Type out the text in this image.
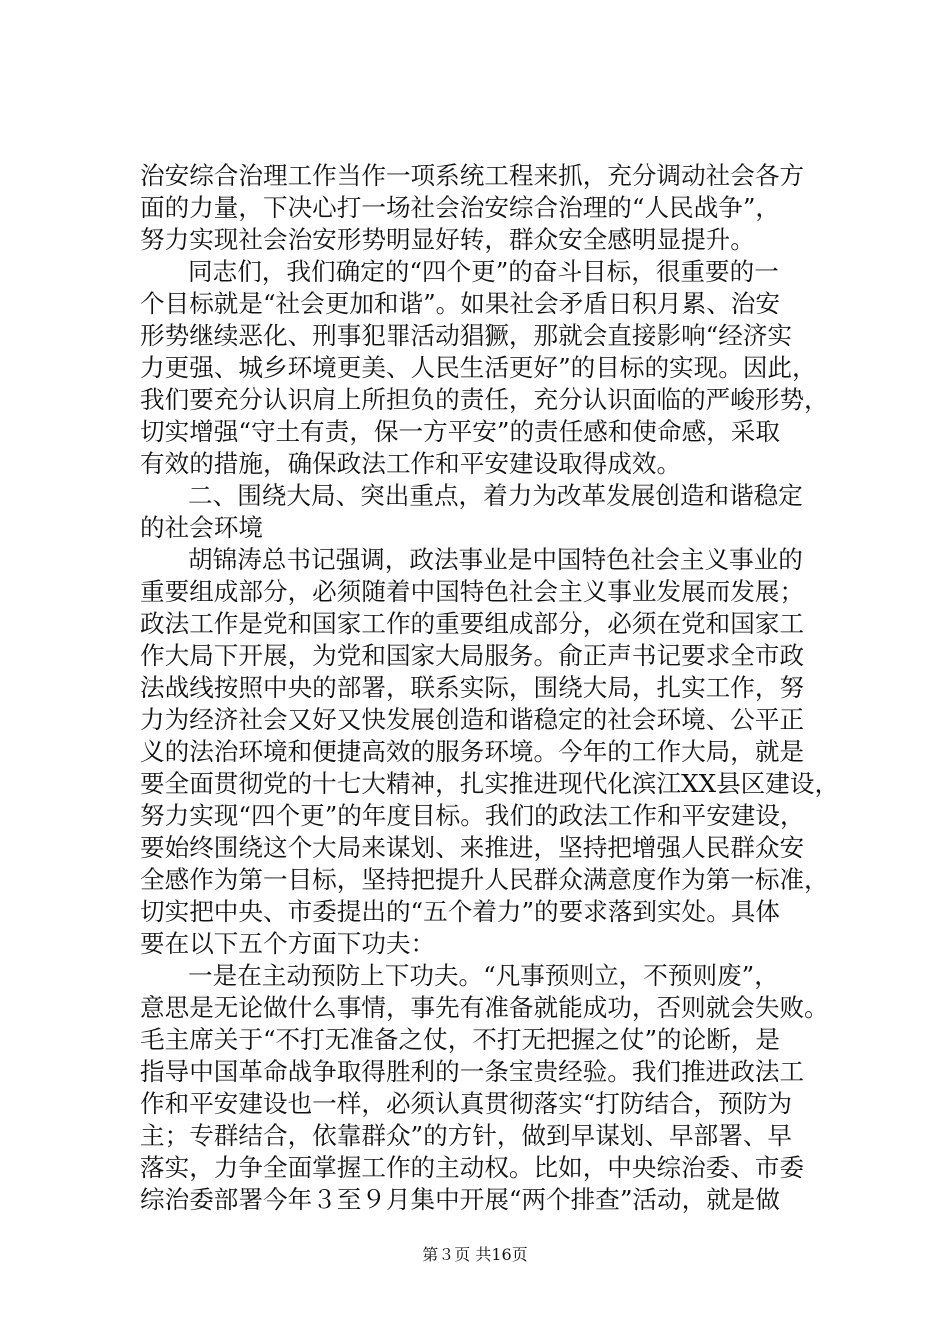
治安综合治理工作当作一项系统工程来抓，充分调动社会各方
面的力量，下决心打一场社会治安综合治理的“人民战争”，
努力实现社会治安形势明显好转，群众安全感明显提升。
同志们，我们确定的“四个更”的奋斗目标，很重要的一
个目标就是“社会更加和谐”。如果社会矛盾日积月累、治安
形势继续恶化、刑事犯罪活动猖獗，那就会直接影响“经济实
力更强、城乡环境更美、人民生活更好”的目标的实现。因此，
我们要充分认识肩上所担负的责任，充分认识面临的严峻形势，
切实增强“守土有责，保一方平安”的责任感和使命感，采取
有效的措施，确保政法工作和平安建设取得成效。
二、围绕大局、突出重点，着力为改革发展创造和谐稳定
的社会环境
胡锦涛总书记强调，政法事业是中国特色社会主义事业的
重要组成部分，必须随着中国特色社会主义事业发展而发展；
政法工作是党和国家工作的重要组成部分，必须在党和国家工
作大局下开展，为党和国家大局服务。俞正声书记要求全市政
法战线按照中央的部署，联系实际，围绕大局，扎实工作，努
力为经济社会又好又快发展创造和谐稳定的社会环境、公平正
义的法治环境和便捷高效的服务环境。今年的工作大局，就是
要全面贯彻党的十七大精神，扎实推进现代化滨江XX县区建设，
努力实现“四个更”的年度目标。我们的政法工作和平安建设，
要始终围绕这个大局来谋划、来推进，坚持把增强人民群众安
全感作为第一目标，坚持把提升人民群众满意度作为第一标准，
切实把中央、市委提出的“五个着力”的要求落到实处。具体
要在以下五个方面下功夫：
一是在主动预防上下功夫。“凡事预则立，不预则废”，
意思是无论做什么事情，事先有准备就能成功，否则就会失败。
毛主席关于“不打无准备之仗，不打无把握之仗”的论断，是
指导中国革命战争取得胜利的一条宝贵经验。我们推进政法工
作和平安建设也一样，必须认真贯彻落实“打防结合，预防为
主；专群结合，依靠群众”的方针，做到早谋划、早部署、早
落实，力争全面掌握工作的主动权。比如，中央综治委、市委
综治委部署今年３至９月集中开展“两个排查”活动，就是做
第３页 共16页
